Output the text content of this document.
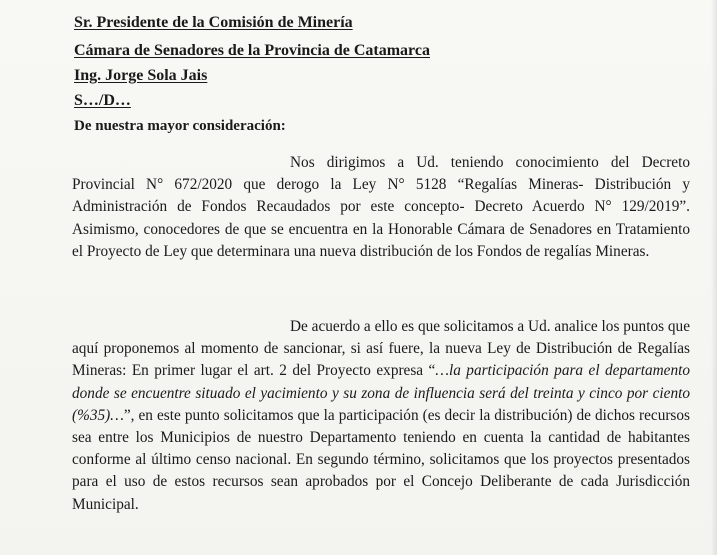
Sr. Presidente de la Comisión de Minería
Cámara de Senadores de la Provincia de Catamarca
Ing. Jorge Sola Jais
S…/D…
De nuestra mayor consideración:
Nos dirigimos a Ud. teniendo conocimiento del Decreto Provincial N° 672/2020 que derogo la Ley N° 5128 “Regalías Mineras- Distribución y Administración de Fondos Recaudados por este concepto- Decreto Acuerdo N° 129/2019”. Asimismo, conocedores de que se encuentra en la Honorable Cámara de Senadores en Tratamiento el Proyecto de Ley que determinara una nueva distribución de los Fondos de regalías Mineras.
De acuerdo a ello es que solicitamos a Ud. analice los puntos que aquí proponemos al momento de sancionar, si así fuere, la nueva Ley de Distribución de Regalías Mineras: En primer lugar el art. 2 del Proyecto expresa “…la participación para el departamento donde se encuentre situado el yacimiento y su zona de influencia será del treinta y cinco por ciento (%35)…”, en este punto solicitamos que la participación (es decir la distribución) de dichos recursos sea entre los Municipios de nuestro Departamento teniendo en cuenta la cantidad de habitantes conforme al último censo nacional. En segundo término, solicitamos que los proyectos presentados para el uso de estos recursos sean aprobados por el Concejo Deliberante de cada Jurisdicción Municipal.
